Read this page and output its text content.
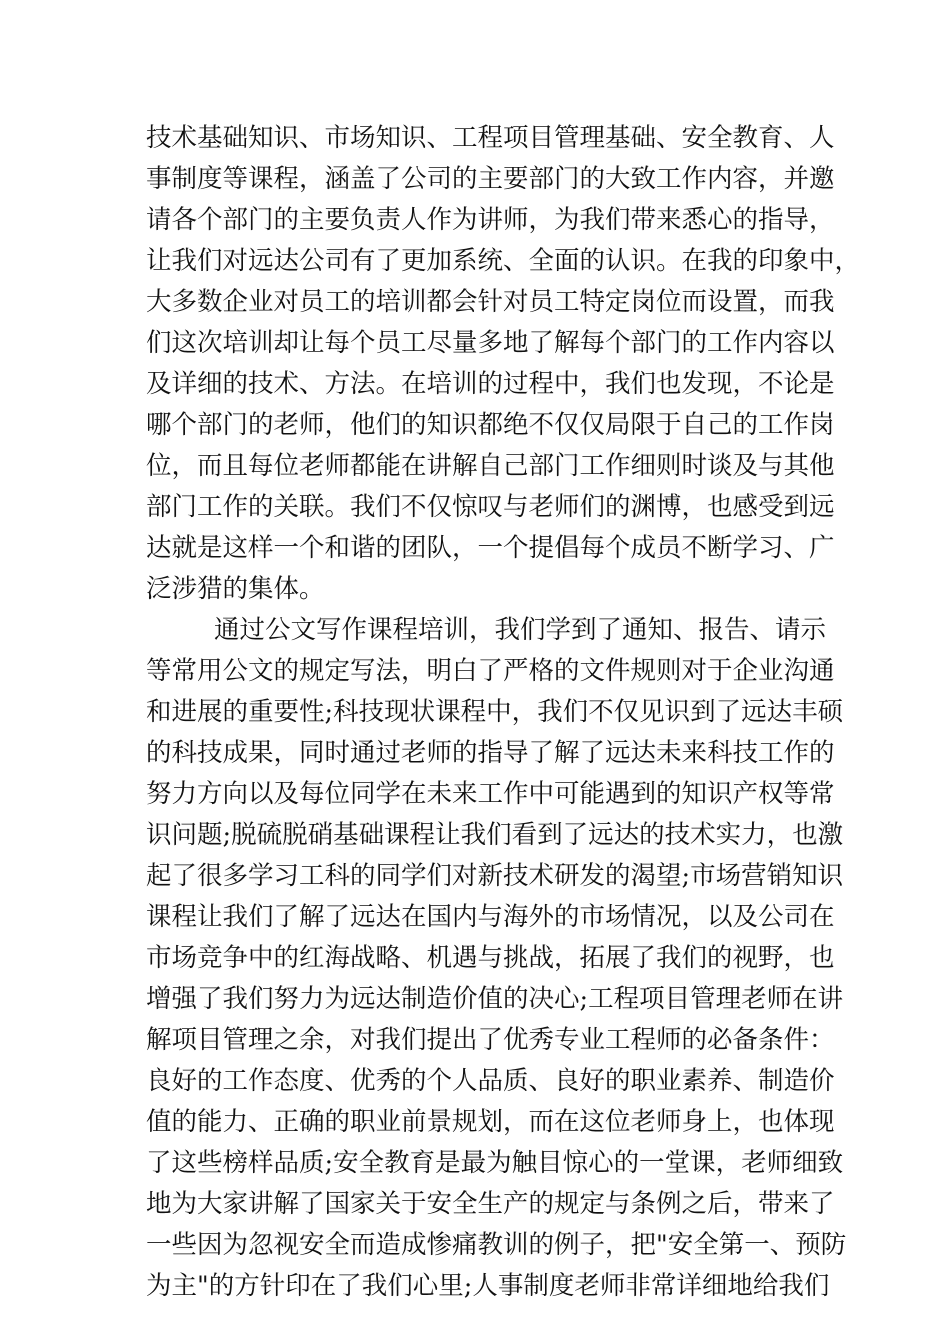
技术基础知识、市场知识、工程项目管理基础、安全教育、人
事制度等课程，涵盖了公司的主要部门的大致工作内容，并邀
请各个部门的主要负责人作为讲师，为我们带来悉心的指导，
让我们对远达公司有了更加系统、全面的认识。在我的印象中，
大多数企业对员工的培训都会针对员工特定岗位而设置，而我
们这次培训却让每个员工尽量多地了解每个部门的工作内容以
及详细的技术、方法。在培训的过程中，我们也发现，不论是
哪个部门的老师，他们的知识都绝不仅仅局限于自己的工作岗
位，而且每位老师都能在讲解自己部门工作细则时谈及与其他
部门工作的关联。我们不仅惊叹与老师们的渊博，也感受到远
达就是这样一个和谐的团队，一个提倡每个成员不断学习、广
泛涉猎的集体。
通过公文写作课程培训，我们学到了通知、报告、请示
等常用公文的规定写法，明白了严格的文件规则对于企业沟通
和进展的重要性;科技现状课程中，我们不仅见识到了远达丰硕
的科技成果，同时通过老师的指导了解了远达未来科技工作的
努力方向以及每位同学在未来工作中可能遇到的知识产权等常
识问题;脱硫脱硝基础课程让我们看到了远达的技术实力，也激
起了很多学习工科的同学们对新技术研发的渴望;市场营销知识
课程让我们了解了远达在国内与海外的市场情况，以及公司在
市场竞争中的红海战略、机遇与挑战，拓展了我们的视野，也
增强了我们努力为远达制造价值的决心;工程项目管理老师在讲
解项目管理之余，对我们提出了优秀专业工程师的必备条件：
良好的工作态度、优秀的个人品质、良好的职业素养、制造价
值的能力、正确的职业前景规划，而在这位老师身上，也体现
了这些榜样品质;安全教育是最为触目惊心的一堂课，老师细致
地为大家讲解了国家关于安全生产的规定与条例之后，带来了
一些因为忽视安全而造成惨痛教训的例子，把"安全第一、预防
为主"的方针印在了我们心里;人事制度老师非常详细地给我们
